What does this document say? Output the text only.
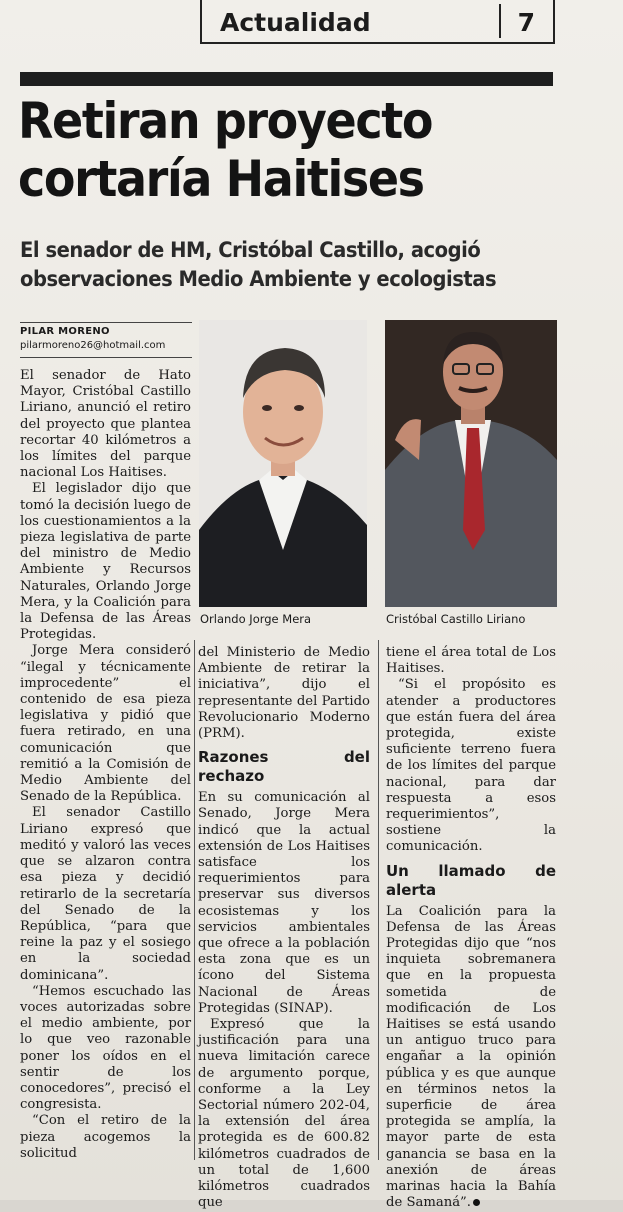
Actualidad	7
Retiran proyecto
cortaría Haitises
El senador de HM, Cristóbal Castillo, acogió
observaciones Medio Ambiente y ecologistas
PILAR MORENO
pilarmoreno26@hotmail.com
Orlando Jorge Mera	Cristóbal Castillo Liriano

El senador de Hato Mayor, Cristóbal Castillo Liriano, anunció el retiro del proyecto que plantea recortar 40 kilómetros a los límites del parque nacional Los Haitises.

El legislador dijo que tomó la decisión luego de los cuestionamientos a la pieza legislativa de parte del ministro de Medio Ambiente y Recursos Naturales, Orlando Jorge Mera, y la Coalición para la Defensa de las Áreas Protegidas.

Jorge Mera consideró “ilegal y técnicamente improcedente” el contenido de esa pieza legislativa y pidió que fuera retirado, en una comunicación que remitió a la Comisión de Medio Ambiente del Senado de la República.

El senador Castillo Liriano expresó que meditó y valoró las veces que se alzaron contra esa pieza y decidió retirarlo de la secretaría del Senado de la República, “para que reine la paz y el sosiego en la sociedad dominicana”.

“Hemos escuchado las voces autorizadas sobre el medio ambiente, por lo que veo razonable poner los oídos en el sentir de los conocedores”, precisó el congresista.

“Con el retiro de la pieza acogemos la solicitud

del Ministerio de Medio Ambiente de retirar la iniciativa”, dijo el representante del Partido Revolucionario Moderno (PRM).

Razones del rechazo

En su comunicación al Senado, Jorge Mera indicó que la actual extensión de Los Haitises satisface los requerimientos para preservar sus diversos ecosistemas y los servicios ambientales que ofrece a la población esta zona que es un ícono del Sistema Nacional de Áreas Protegidas (SINAP).

Expresó que la justificación para una nueva limitación carece de argumento porque, conforme a la Ley Sectorial número 202-04, la extensión del área protegida es de 600.82 kilómetros cuadrados de un total de 1,600 kilómetros cuadrados que

tiene el área total de Los Haitises.

“Si el propósito es atender a productores que están fuera del área protegida, existe suficiente terreno fuera de los límites del parque nacional, para dar respuesta a esos requerimientos”, sostiene la comunicación.

Un llamado de alerta

La Coalición para la Defensa de las Áreas Protegidas dijo que “nos inquieta sobremanera que en la propuesta sometida de modificación de Los Haitises se está usando un antiguo truco para engañar a la opinión pública y es que aunque en términos netos la superficie de área protegida se amplía, la mayor parte de esta ganancia se basa en la anexión de áreas marinas hacia la Bahía de Samaná”.
